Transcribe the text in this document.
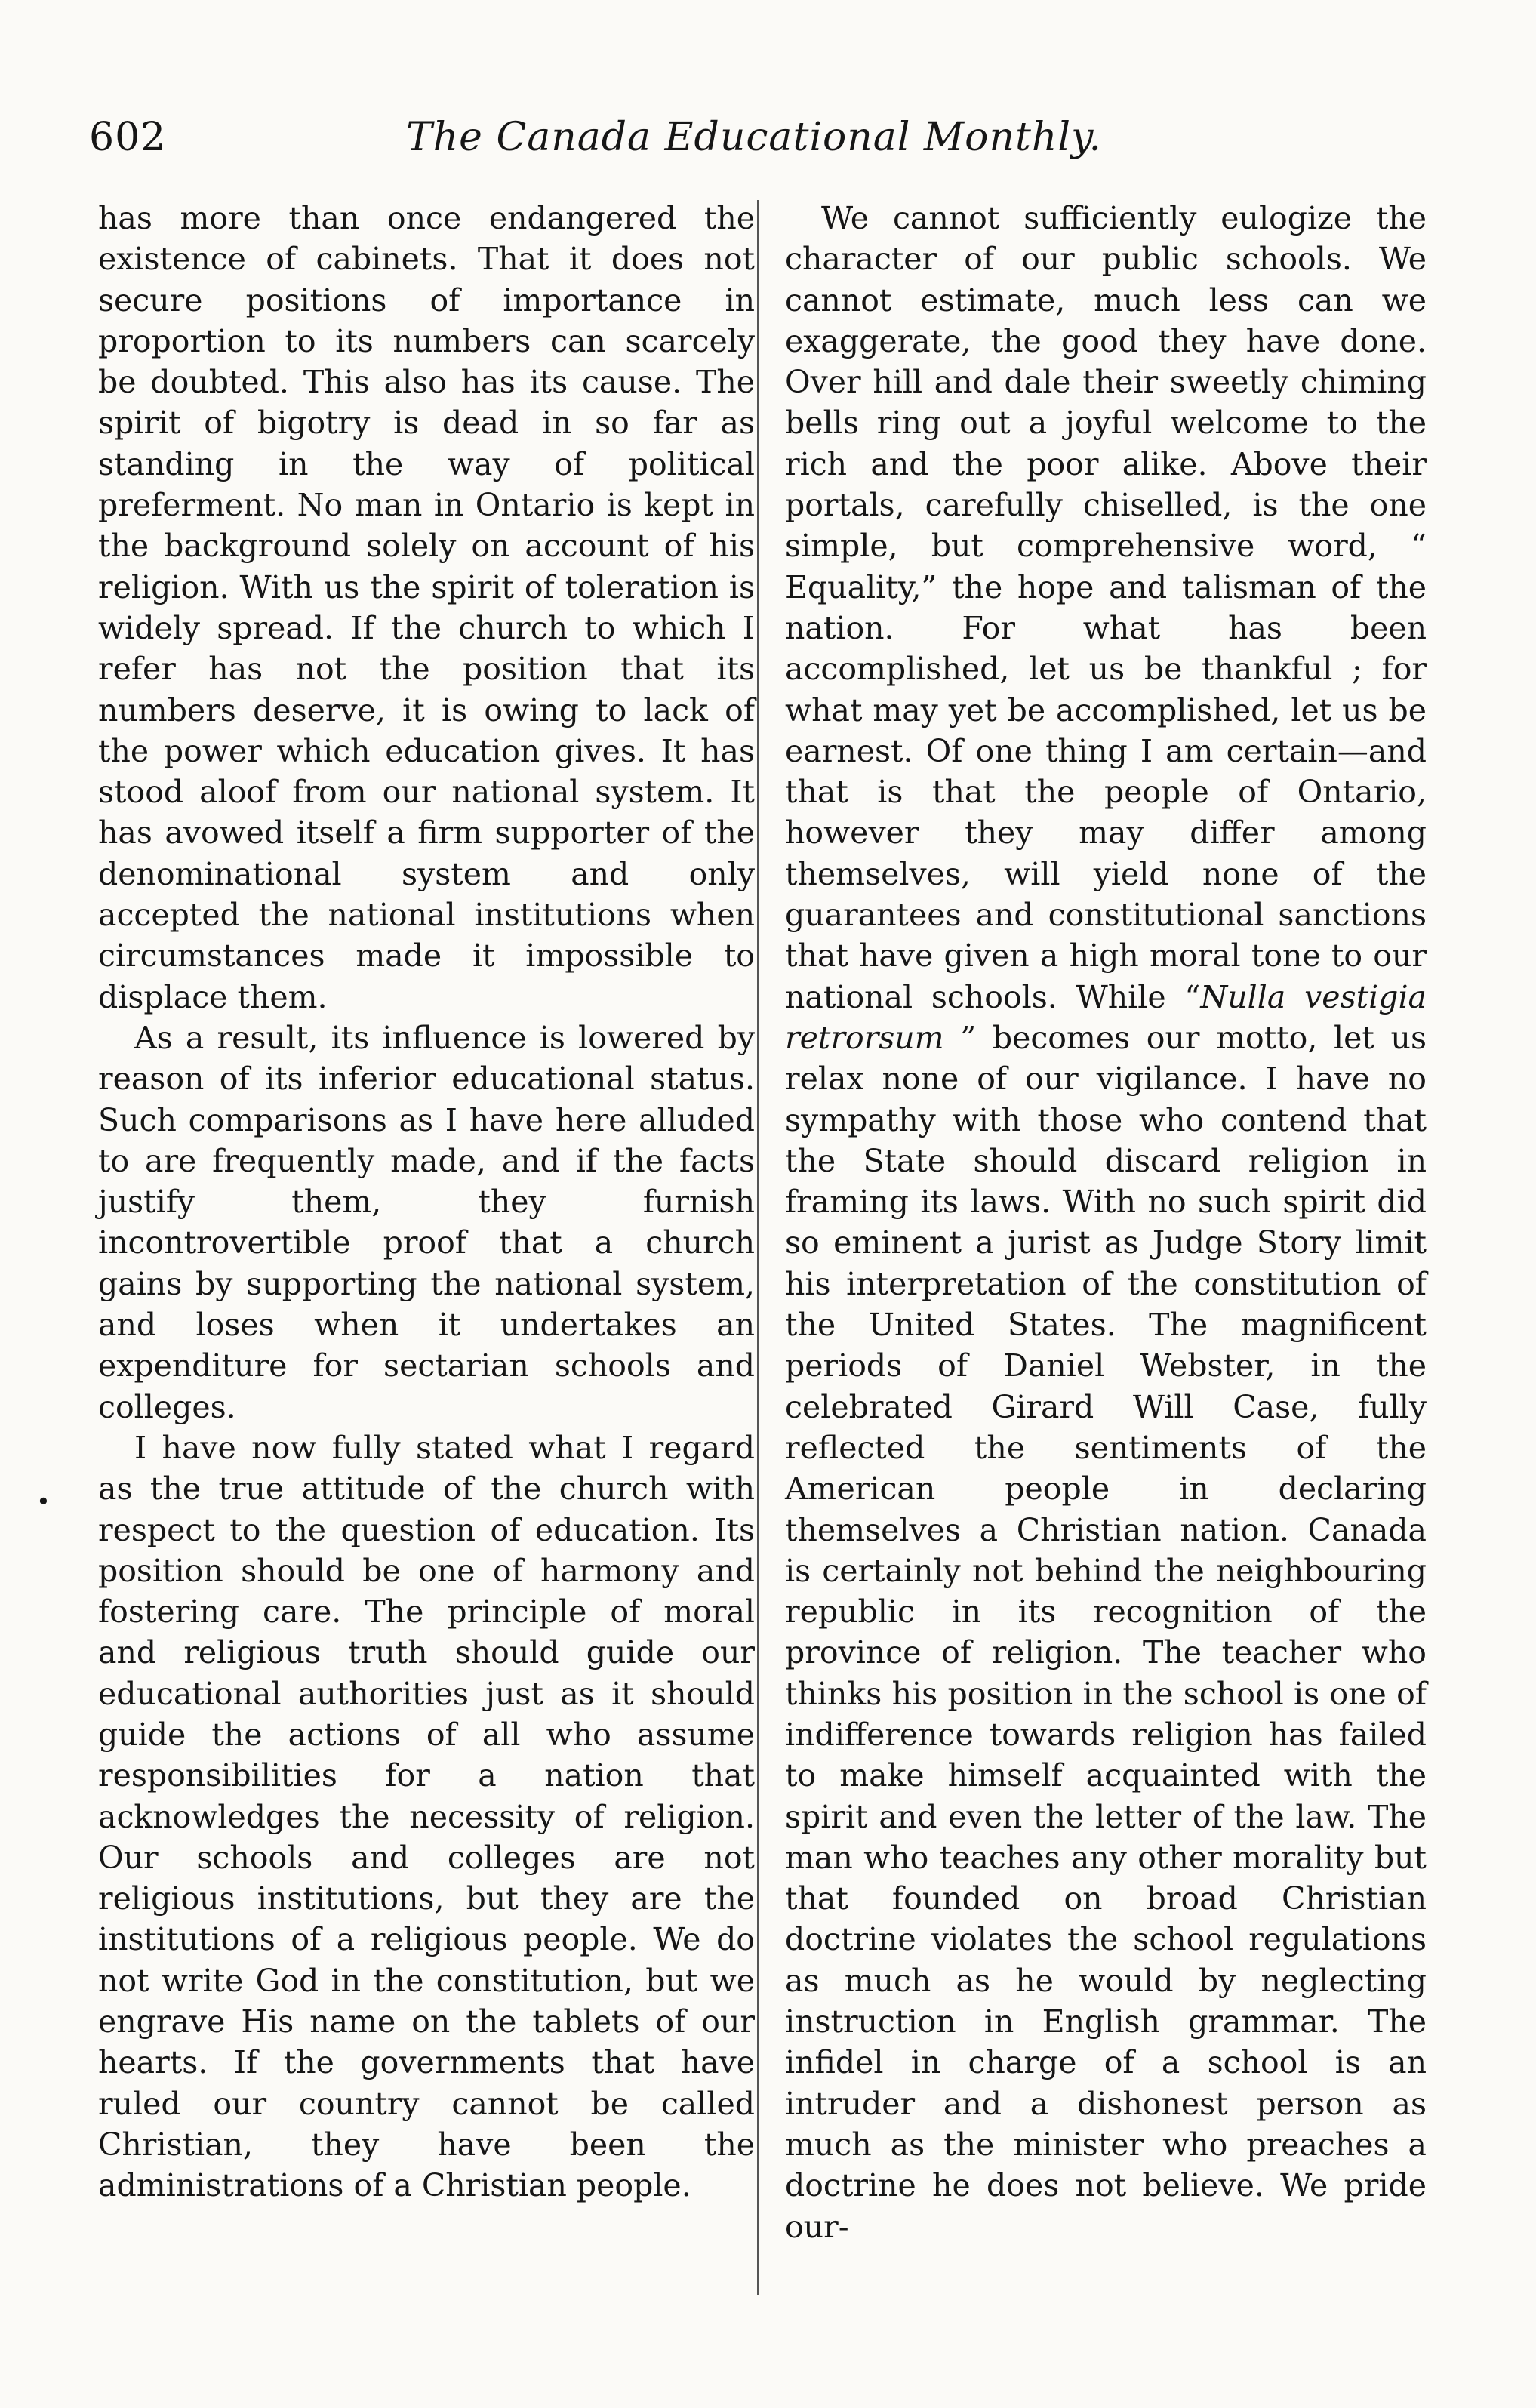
602	The Canada Educational Monthly.

has more than once endangered the existence of cabinets. That it does not secure positions of importance in proportion to its numbers can scarcely be doubted. This also has its cause. The spirit of bigotry is dead in so far as standing in the way of political preferment. No man in Ontario is kept in the background solely on account of his religion. With us the spirit of toleration is widely spread. If the church to which I refer has not the position that its numbers deserve, it is owing to lack of the power which education gives. It has stood aloof from our national system. It has avowed itself a firm supporter of the denominational system and only accepted the national institutions when circumstances made it impossible to displace them.

As a result, its influence is lowered by reason of its inferior educational status. Such comparisons as I have here alluded to are frequently made, and if the facts justify them, they furnish incontrovertible proof that a church gains by supporting the national system, and loses when it undertakes an expenditure for sectarian schools and colleges.

I have now fully stated what I regard as the true attitude of the church with respect to the question of education. Its position should be one of harmony and fostering care. The principle of moral and religious truth should guide our educational authorities just as it should guide the actions of all who assume responsibilities for a nation that acknowledges the necessity of religion. Our schools and colleges are not religious institutions, but they are the institutions of a religious people. We do not write God in the constitution, but we engrave His name on the tablets of our hearts. If the governments that have ruled our country cannot be called Christian, they have been the administrations of a Christian people.

We cannot sufficiently eulogize the character of our public schools. We cannot estimate, much less can we exaggerate, the good they have done. Over hill and dale their sweetly chiming bells ring out a joyful welcome to the rich and the poor alike. Above their portals, carefully chiselled, is the one simple, but comprehensive word, “ Equality,” the hope and talisman of the nation. For what has been accomplished, let us be thankful ; for what may yet be accomplished, let us be earnest. Of one thing I am certain—and that is that the people of Ontario, however they may differ among themselves, will yield none of the guarantees and constitutional sanctions that have given a high moral tone to our national schools. While “Nulla vestigia retrorsum ” becomes our motto, let us relax none of our vigilance. I have no sympathy with those who contend that the State should discard religion in framing its laws. With no such spirit did so eminent a jurist as Judge Story limit his interpretation of the constitution of the United States. The magnificent periods of Daniel Webster, in the celebrated Girard Will Case, fully reflected the sentiments of the American people in declaring themselves a Christian nation. Canada is certainly not behind the neighbouring republic in its recognition of the province of religion. The teacher who thinks his position in the school is one of indifference towards religion has failed to make himself acquainted with the spirit and even the letter of the law. The man who teaches any other morality but that founded on broad Christian doctrine violates the school regulations as much as he would by neglecting instruction in English grammar. The infidel in charge of a school is an intruder and a dishonest person as much as the minister who preaches a doctrine he does not believe. We pride our-

•
